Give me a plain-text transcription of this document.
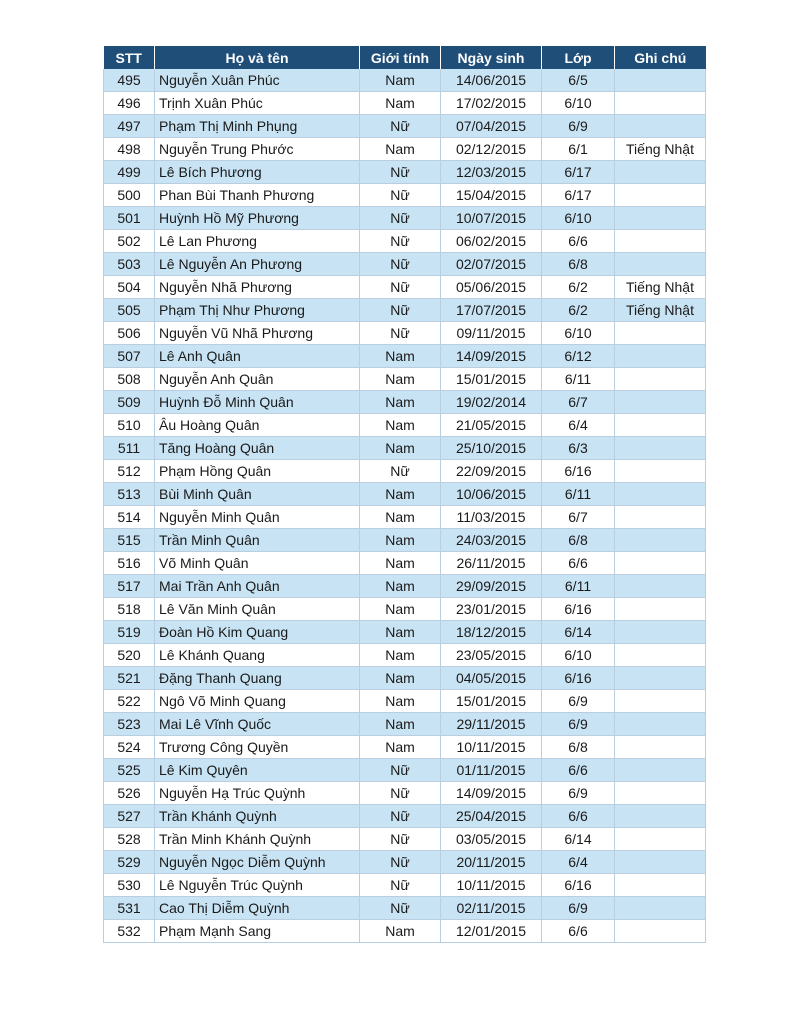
STT	Họ và tên	Giới tính	Ngày sinh	Lớp	Ghi chú
495	Nguyễn Xuân Phúc	Nam	14/06/2015	6/5	
496	Trịnh Xuân Phúc	Nam	17/02/2015	6/10	
497	Phạm Thị Minh Phụng	Nữ	07/04/2015	6/9	
498	Nguyễn Trung Phước	Nam	02/12/2015	6/1	Tiếng Nhật
499	Lê Bích Phương	Nữ	12/03/2015	6/17	
500	Phan Bùi Thanh Phương	Nữ	15/04/2015	6/17	
501	Huỳnh Hồ Mỹ Phương	Nữ	10/07/2015	6/10	
502	Lê Lan Phương	Nữ	06/02/2015	6/6	
503	Lê Nguyễn An Phương	Nữ	02/07/2015	6/8	
504	Nguyễn Nhã Phương	Nữ	05/06/2015	6/2	Tiếng Nhật
505	Phạm Thị Như Phương	Nữ	17/07/2015	6/2	Tiếng Nhật
506	Nguyễn Vũ Nhã Phương	Nữ	09/11/2015	6/10	
507	Lê Anh Quân	Nam	14/09/2015	6/12	
508	Nguyễn Anh Quân	Nam	15/01/2015	6/11	
509	Huỳnh Đỗ Minh Quân	Nam	19/02/2014	6/7	
510	Âu Hoàng Quân	Nam	21/05/2015	6/4	
511	Tăng Hoàng Quân	Nam	25/10/2015	6/3	
512	Phạm Hồng Quân	Nữ	22/09/2015	6/16	
513	Bùi Minh Quân	Nam	10/06/2015	6/11	
514	Nguyễn Minh Quân	Nam	11/03/2015	6/7	
515	Trần Minh Quân	Nam	24/03/2015	6/8	
516	Võ Minh Quân	Nam	26/11/2015	6/6	
517	Mai Trần Anh Quân	Nam	29/09/2015	6/11	
518	Lê Văn Minh Quân	Nam	23/01/2015	6/16	
519	Đoàn Hồ Kim Quang	Nam	18/12/2015	6/14	
520	Lê Khánh Quang	Nam	23/05/2015	6/10	
521	Đặng Thanh Quang	Nam	04/05/2015	6/16	
522	Ngô Võ Minh Quang	Nam	15/01/2015	6/9	
523	Mai Lê Vĩnh Quốc	Nam	29/11/2015	6/9	
524	Trương Công Quyền	Nam	10/11/2015	6/8	
525	Lê Kim Quyên	Nữ	01/11/2015	6/6	
526	Nguyễn Hạ Trúc Quỳnh	Nữ	14/09/2015	6/9	
527	Trần Khánh Quỳnh	Nữ	25/04/2015	6/6	
528	Trần Minh Khánh Quỳnh	Nữ	03/05/2015	6/14	
529	Nguyễn Ngọc Diễm Quỳnh	Nữ	20/11/2015	6/4	
530	Lê Nguyễn Trúc Quỳnh	Nữ	10/11/2015	6/16	
531	Cao Thị Diễm Quỳnh	Nữ	02/11/2015	6/9	
532	Phạm Mạnh Sang	Nam	12/01/2015	6/6	
